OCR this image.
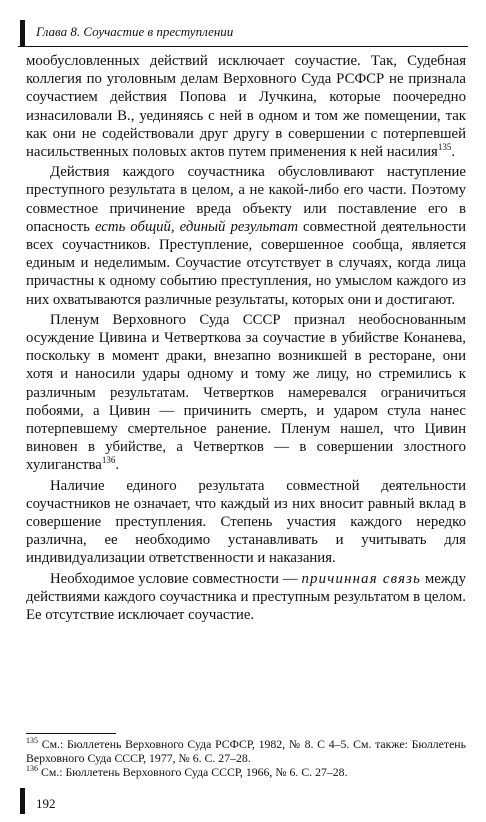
Глава 8. Соучастие в преступлении

мообусловленных действий исключает соучастие. Так, Судебная коллегия по уголовным делам Верховного Суда РСФСР не признала соучастием действия Попова и Лучкина, которые поочередно изнасиловали В., уединяясь с ней в одном и том же помещении, так как они не содействовали друг другу в совершении с потерпевшей насильственных половых актов путем применения к ней насилия$^{135}$.

Действия каждого соучастника обусловливают наступление преступного результата в целом, а не какой-либо его части. Поэтому совместное причинение вреда объекту или поставление его в опасность есть общий, единый результат совместной деятельности всех соучастников. Преступление, совершенное сообща, является единым и неделимым. Соучастие отсутствует в случаях, когда лица причастны к одному событию преступления, но умыслом каждого из них охватываются различные результаты, которых они и достигают.

Пленум Верховного Суда СССР признал необоснованным осуждение Цивина и Четверткова за соучастие в убийстве Конанева, поскольку в момент драки, внезапно возникшей в ресторане, они хотя и наносили удары одному и тому же лицу, но стремились к различным результатам. Четвертков намеревался ограничиться побоями, а Цивин — причинить смерть, и ударом стула нанес потерпевшему смертельное ранение. Пленум нашел, что Цивин виновен в убийстве, а Четвертков — в совершении злостного хулиганства$^{136}$.

Наличие единого результата совместной деятельности соучастников не означает, что каждый из них вносит равный вклад в совершение преступления. Степень участия каждого нередко различна, ее необходимо устанавливать и учитывать для индивидуализации ответственности и наказания.

Необходимое условие совместности — причинная связь между действиями каждого соучастника и преступным результатом в целом. Ее отсутствие исключает соучастие.

$^{135}$ См.: Бюллетень Верховного Суда РСФСР, 1982, № 8. С 4–5. См. также: Бюллетень Верховного Суда СССР, 1977, № 6. С. 27–28.

$^{136}$ См.: Бюллетень Верховного Суда СССР, 1966, № 6. С. 27–28.

192
